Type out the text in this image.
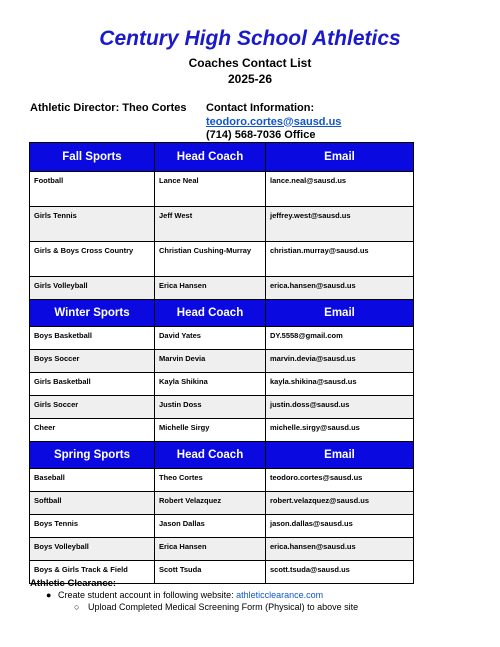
Century High School Athletics
Coaches Contact List
2025-26
Athletic Director: Theo Cortes Contact Information:
teodoro.cortes@sausd.us
(714) 568-7036 Office
Fall Sports	Head Coach	Email
Football	Lance Neal	lance.neal@sausd.us
Girls Tennis	Jeff West	jeffrey.west@sausd.us
Girls & Boys Cross Country	Christian Cushing-Murray	christian.murray@sausd.us
Girls Volleyball	Erica Hansen	erica.hansen@sausd.us
Winter Sports	Head Coach	Email
Boys Basketball	David Yates	DY.5558@gmail.com
Boys Soccer	Marvin Devia	marvin.devia@sausd.us
Girls Basketball	Kayla Shikina	kayla.shikina@sausd.us
Girls Soccer	Justin Doss	justin.doss@sausd.us
Cheer	Michelle Sirgy	michelle.sirgy@sausd.us
Spring Sports	Head Coach	Email
Baseball	Theo Cortes	teodoro.cortes@sausd.us
Softball	Robert Velazquez	robert.velazquez@sausd.us
Boys Tennis	Jason Dallas	jason.dallas@sausd.us
Boys Volleyball	Erica Hansen	erica.hansen@sausd.us
Boys & Girls Track & Field	Scott Tsuda	scott.tsuda@sausd.us
Athletic Clearance:
● Create student account in following website: athleticclearance.com
○ Upload Completed Medical Screening Form (Physical) to above site
